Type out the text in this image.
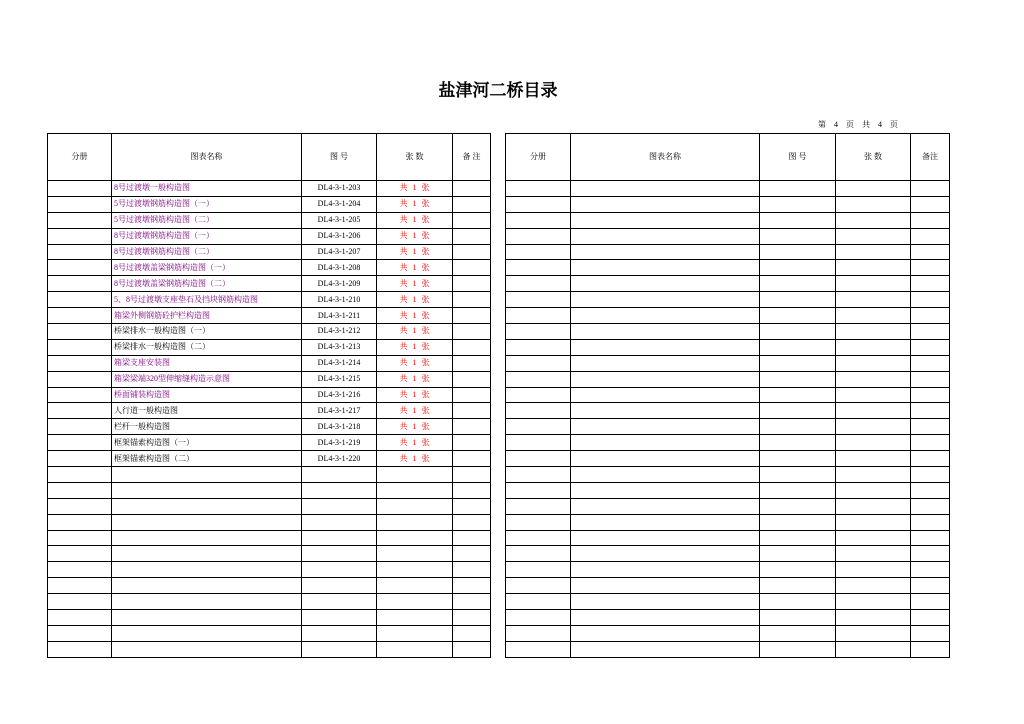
盐津河二桥目录
第 4 页 共 4 页
分册	图表名称	图 号	张 数	备 注
	8号过渡墩一般构造图	DL4-3-1-203	共 1 张	
	5号过渡墩钢筋构造图（一）	DL4-3-1-204	共 1 张	
	5号过渡墩钢筋构造图（二）	DL4-3-1-205	共 1 张	
	8号过渡墩钢筋构造图（一）	DL4-3-1-206	共 1 张	
	8号过渡墩钢筋构造图（二）	DL4-3-1-207	共 1 张	
	8号过渡墩盖梁钢筋构造图（一）	DL4-3-1-208	共 1 张	
	8号过渡墩盖梁钢筋构造图（二）	DL4-3-1-209	共 1 张	
	5、8号过渡墩支座垫石及挡块钢筋构造图	DL4-3-1-210	共 1 张	
	箱梁外侧钢筋砼护栏构造图	DL4-3-1-211	共 1 张	
	桥梁排水一般构造图（一）	DL4-3-1-212	共 1 张	
	桥梁排水一般构造图（二）	DL4-3-1-213	共 1 张	
	箱梁支座安装图	DL4-3-1-214	共 1 张	
	箱梁梁端320型伸缩缝构造示意图	DL4-3-1-215	共 1 张	
	桥面铺装构造图	DL4-3-1-216	共 1 张	
	人行道一般构造图	DL4-3-1-217	共 1 张	
	栏杆一般构造图	DL4-3-1-218	共 1 张	
	框架锚索构造图（一）	DL4-3-1-219	共 1 张	
	框架锚索构造图（二）	DL4-3-1-220	共 1 张	

分册	图表名称	图 号	张 数	备注
